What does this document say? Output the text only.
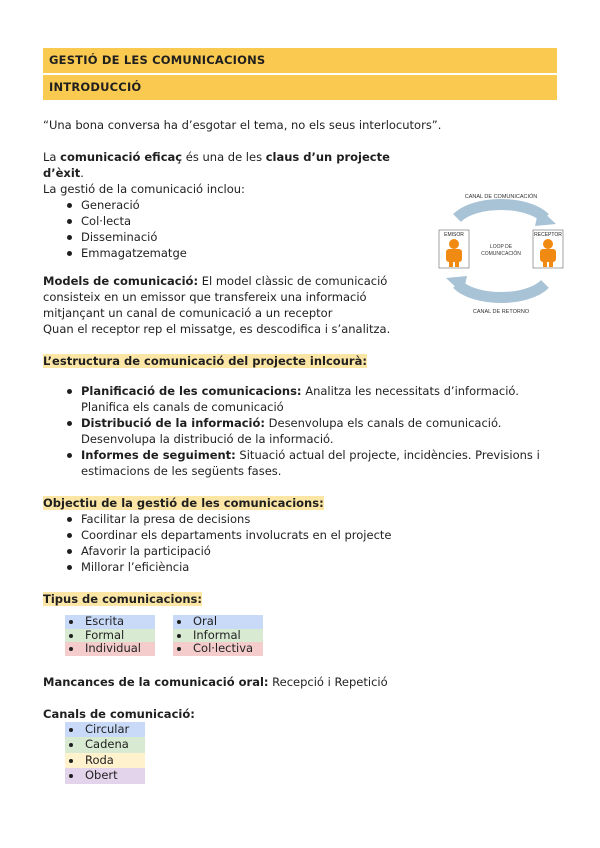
GESTIÓ DE LES COMUNICACIONS
INTRODUCCIÓ

“Una bona conversa ha d’esgotar el tema, no els seus interlocutors”.

La comunicació eficaç és una de les claus d’un projecte d’èxit.

La gestió de la comunicació inclou:

Generació
Col·lecta
Disseminació
Emmagatzematge

Models de comunicació: El model clàssic de comunicació consisteix en un emissor que transfereix una informació mitjançant un canal de comunicació a un receptor

Quan el receptor rep el missatge, es descodifica i s’analitza.

CANAL DE COMUNICACIÓN
CANAL DE RETORNO
EMISOR	RECEPTOR
LOOP DE
COMUNICACIÓN

L’estructura de comunicació del projecte inlcourà:

Planificació de les comunicacions: Analitza les necessitats d’informació. Planifica els canals de comunicació
Distribució de la informació: Desenvolupa els canals de comunicació. Desenvolupa la distribució de la informació.
Informes de seguiment: Situació actual del projecte, incidències. Previsions i estimacions de les següents fases.

Objectiu de la gestió de les comunicacions:

Facilitar la presa de decisions
Coordinar els departaments involucrats en el projecte
Afavorir la participació
Millorar l’eficiència

Tipus de comunicacions:

Escrita
Formal
Individual
Oral
Informal
Col·lectiva

Mancances de la comunicació oral: Recepció i Repetició

Canals de comunicació:

Circular
Cadena
Roda
Obert
